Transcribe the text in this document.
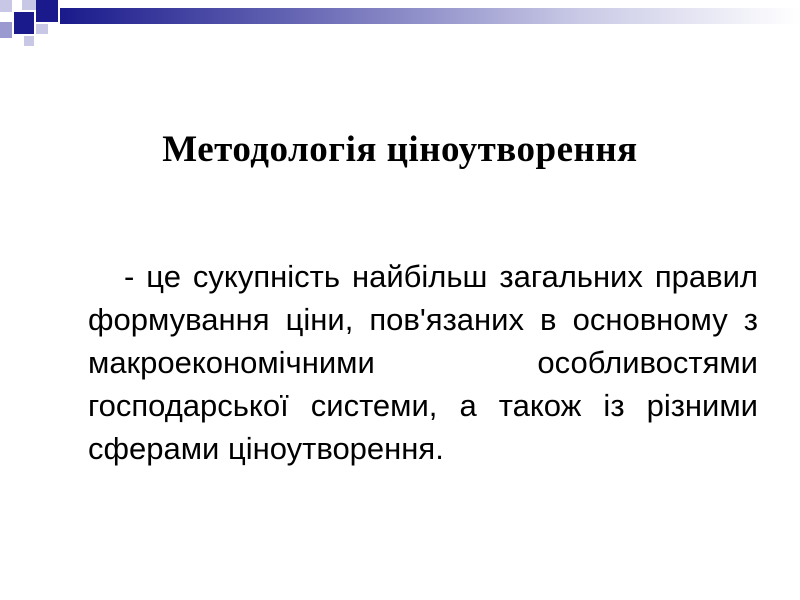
Методологія ціноутворення

- це сукупність найбільш загальних правил формування ціни, пов'язаних в основному з макроекономічними особливостями господарської системи, а також із різними сферами ціноутворення.
